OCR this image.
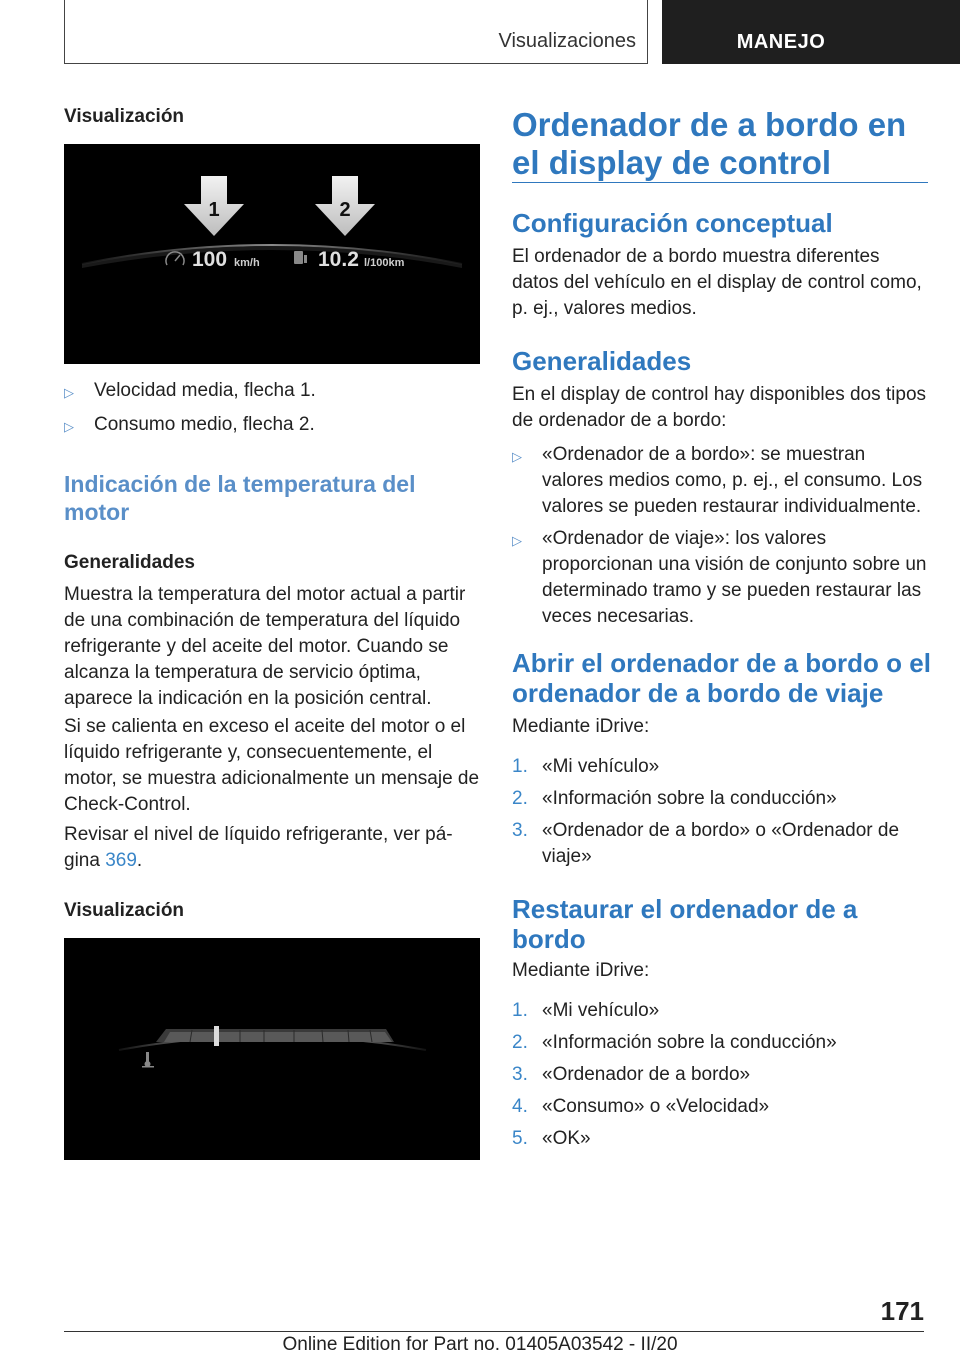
Visualizaciones	MANEJO
Visualización
1	2
100 km/h	10.2 l/100km
▷	Velocidad media, flecha 1.
▷	Consumo medio, flecha 2.
Indicación de la temperatura del motor
Generalidades
Muestra la temperatura del motor actual a partir de una combinación de temperatura del líquido refrigerante y del aceite del motor. Cuando se alcanza la temperatura de servicio óptima, aparece la indicación en la posición central.
Si se calienta en exceso el aceite del motor o el líquido refrigerante y, consecuentemente, el motor, se muestra adicionalmente un mensaje de Check-Control.
Revisar el nivel de líquido refrigerante, ver pá-
gina 369.
Visualización
Ordenador de a bordo en el display de control
Configuración conceptual
El ordenador de a bordo muestra diferentes datos del vehículo en el display de control como, p. ej., valores medios.
Generalidades
En el display de control hay disponibles dos tipos de ordenador de a bordo:
▷	«Ordenador de a bordo»: se muestran valores medios como, p. ej., el consumo. Los valores se pueden restaurar individualmente.
▷	«Ordenador de viaje»: los valores proporcionan una visión de conjunto sobre un determinado tramo y se pueden restaurar las veces necesarias.
Abrir el ordenador de a bordo o el ordenador de a bordo de viaje
Mediante iDrive:
1. «Mi vehículo»
2. «Información sobre la conducción»
3. «Ordenador de a bordo» o «Ordenador de viaje»
Restaurar el ordenador de a bordo
Mediante iDrive:
1. «Mi vehículo»
2. «Información sobre la conducción»
3. «Ordenador de a bordo»
4. «Consumo» o «Velocidad»
5. «OK»
171
Online Edition for Part no. 01405A03542 - II/20
